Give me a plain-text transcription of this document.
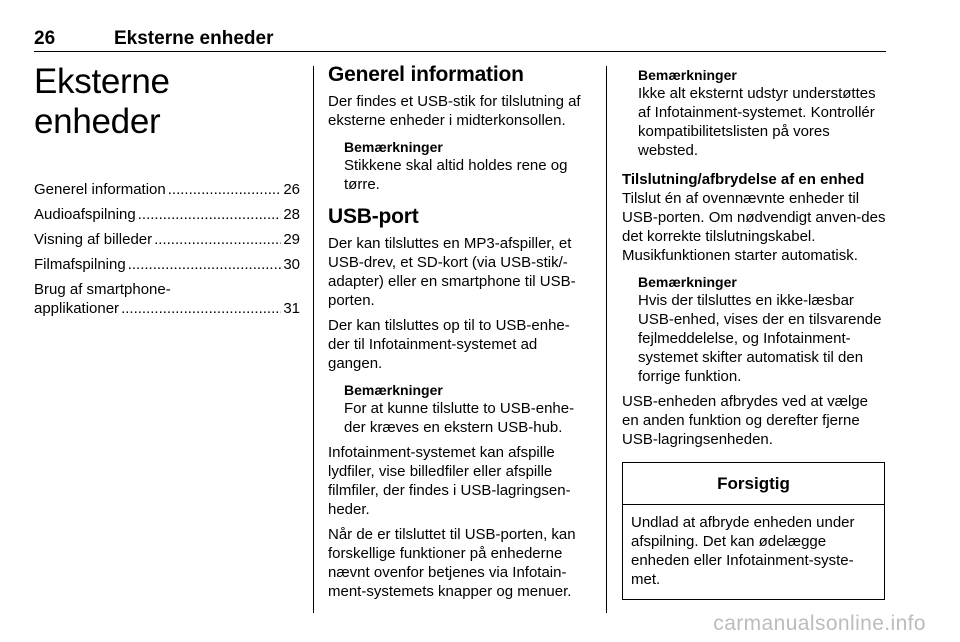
26	Eksterne enheder
Eksterne enheder
Generel information .....	26
Audioafspilning .....	28
Visning af billeder .....	29
Filmafspilning .....	30
Brug af smartphone-
applikationer .....	31
Generel information

Der findes et USB-stik for tilslutning af eksterne enheder i midterkonsollen.

Bemærkninger

Stikkene skal altid holdes rene og tørre.

USB-port

Der kan tilsluttes en MP3-afspiller, et USB-drev, et SD-kort (via USB-stik/-adapter) eller en smartphone til USB-porten.

Der kan tilsluttes op til to USB-enhe-der til Infotainment-systemet ad gangen.

Bemærkninger

For at kunne tilslutte to USB-enhe-der kræves en ekstern USB-hub.

Infotainment-systemet kan afspille lydfiler, vise billedfiler eller afspille filmfiler, der findes i USB-lagringsen-heder.

Når de er tilsluttet til USB-porten, kan forskellige funktioner på enhederne nævnt ovenfor betjenes via Infotain-ment-systemets knapper og menuer.

Bemærkninger

Ikke alt eksternt udstyr understøttes af Infotainment-systemet. Kontrollér kompatibilitetslisten på vores websted.

Tilslutning/afbrydelse af en enhed

Tilslut én af ovennævnte enheder til USB-porten. Om nødvendigt anven-des det korrekte tilslutningskabel. Musikfunktionen starter automatisk.

Bemærkninger

Hvis der tilsluttes en ikke-læsbar USB-enhed, vises der en tilsvarende fejlmeddelelse, og Infotainment-systemet skifter automatisk til den forrige funktion.

USB-enheden afbrydes ved at vælge en anden funktion og derefter fjerne USB-lagringsenheden.

Forsigtig
Undlad at afbryde enheden under afspilning. Det kan ødelægge enheden eller Infotainment-syste-met.
carmanualsonline.info
